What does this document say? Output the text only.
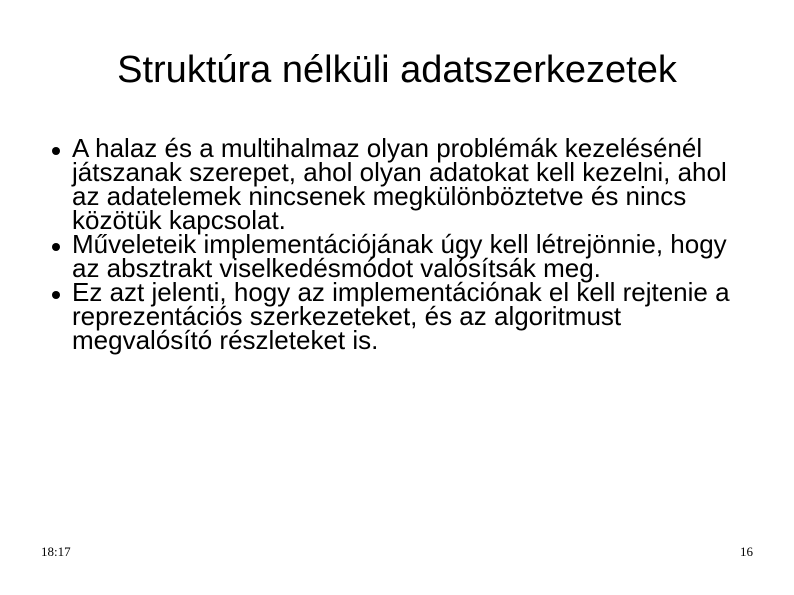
Struktúra nélküli adatszerkezetek
A halaz és a multihalmaz olyan problémák kezelésénél játszanak szerepet, ahol olyan adatokat kell kezelni, ahol az adatelemek nincsenek megkülönböztetve és nincs közötük kapcsolat.
Műveleteik implementációjának úgy kell létrejönnie, hogy az absztrakt viselkedésmódot valósítsák meg.
Ez azt jelenti, hogy az implementációnak el kell rejtenie a reprezentációs szerkezeteket, és az algoritmust megvalósító részleteket is.
18:17	16
